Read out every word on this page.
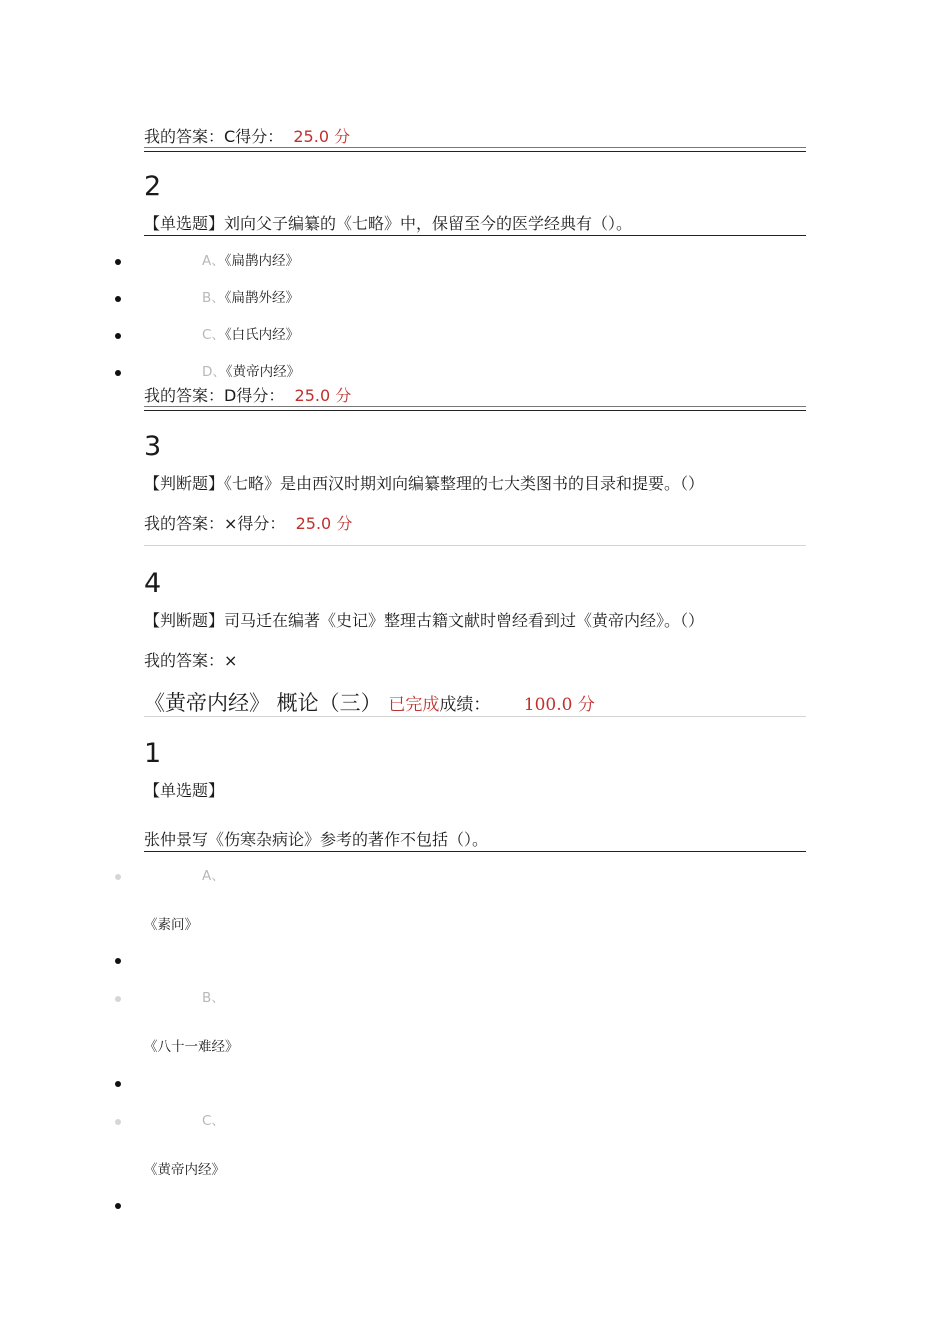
我的答案：C得分： 25.0 分
2
【单选题】刘向父子编纂的《七略》中，保留至今的医学经典有（）。
A、《扁鹊内经》
B、《扁鹊外经》
C、《白氏内经》
D、《黄帝内经》
我的答案：D得分： 25.0 分
3
【判断题】《七略》是由西汉时期刘向编纂整理的七大类图书的目录和提要。（）
我的答案：×得分： 25.0 分
4
【判断题】司马迁在编著《史记》整理古籍文献时曾经看到过《黄帝内经》。（）
我的答案：×
《黄帝内经》 概论（三） 已完成成绩： 100.0 分
1
【单选题】
张仲景写《伤寒杂病论》参考的著作不包括（）。
A、
《素问》
B、
《八十一难经》
C、
《黄帝内经》
